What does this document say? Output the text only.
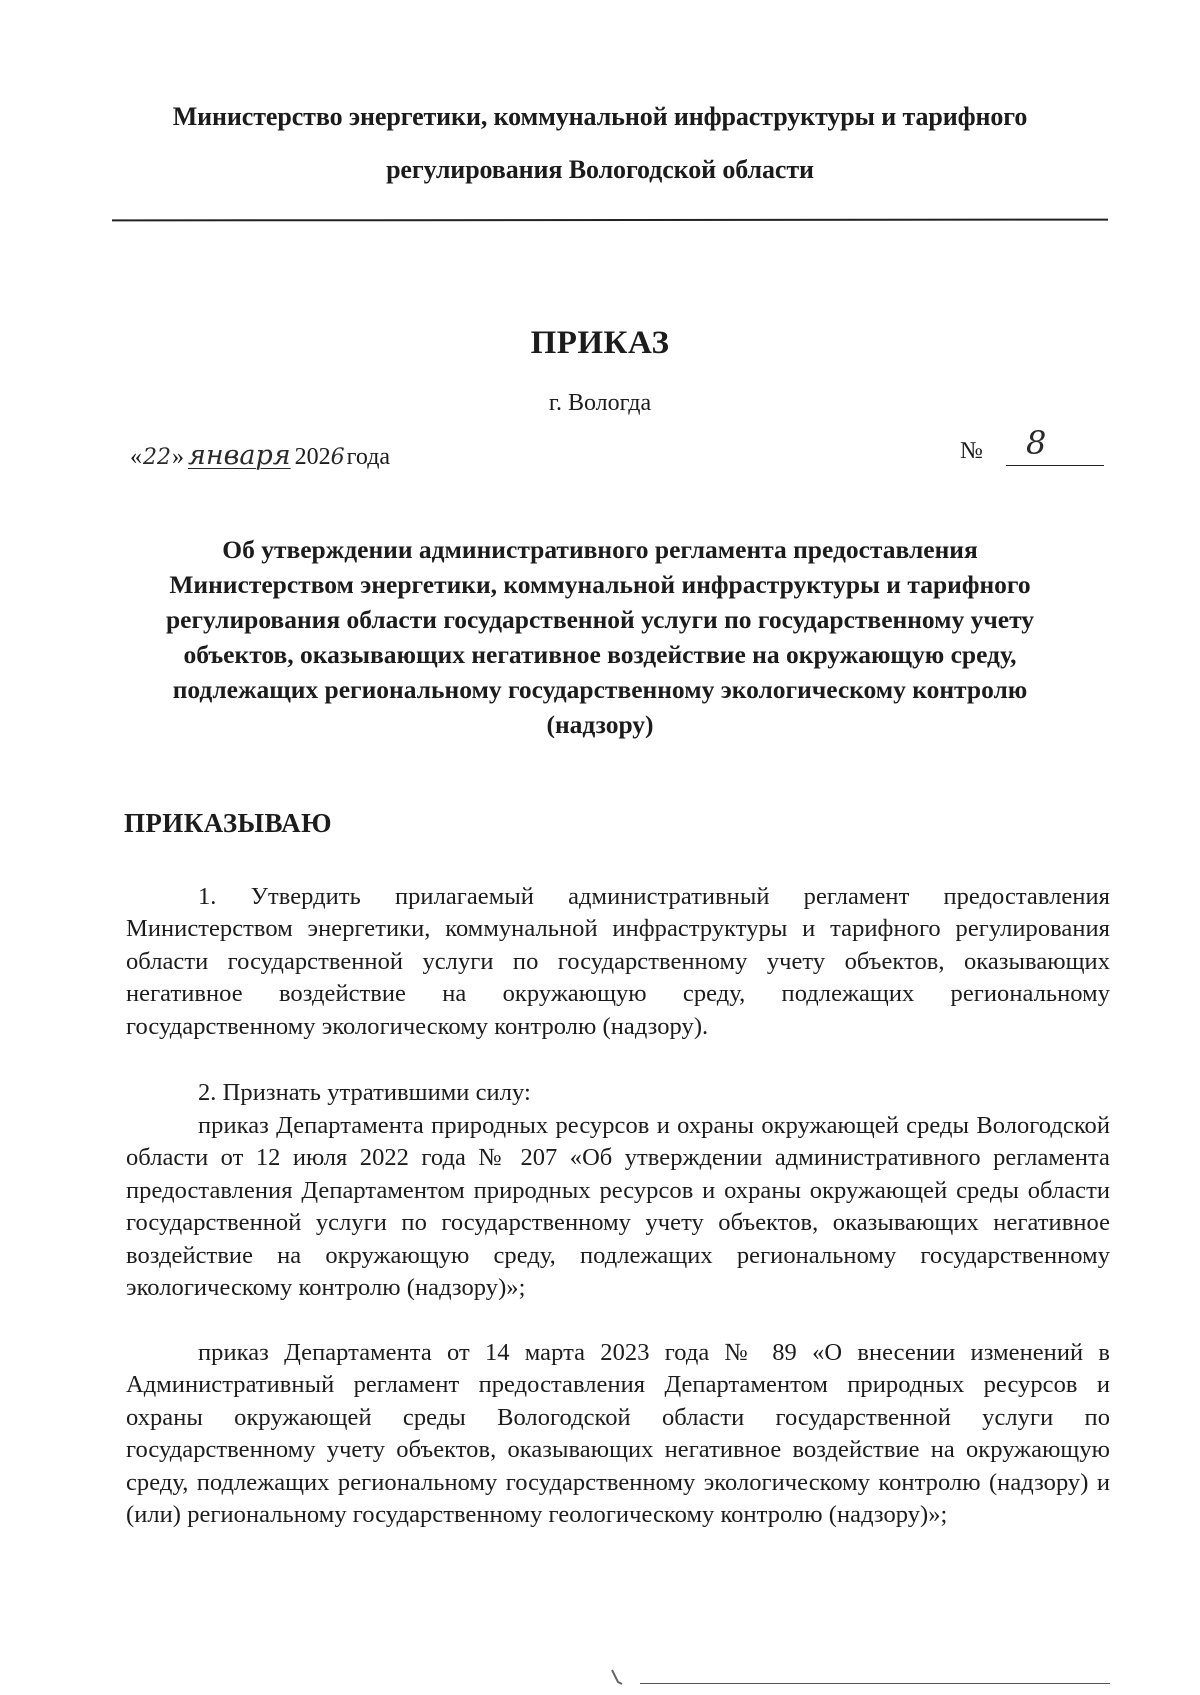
Министерство энергетики, коммунальной инфраструктуры и тарифного
регулирования Вологодской области
ПРИКАЗ
г. Вологда
« 22 » января 202 6 года	№ 8
Об утверждении административного регламента предоставления
Министерством энергетики, коммунальной инфраструктуры и тарифного
регулирования области государственной услуги по государственному учету
объектов, оказывающих негативное воздействие на окружающую среду,
подлежащих региональному государственному экологическому контролю
(надзору)
ПРИКАЗЫВАЮ

1. Утвердить прилагаемый административный регламент предоставления Министерством энергетики, коммунальной инфраструктуры и тарифного регулирования области государственной услуги по государственному учету объектов, оказывающих негативное воздействие на окружающую среду, подлежащих региональному государственному экологическому контролю (надзору).

2. Признать утратившими силу:

приказ Департамента природных ресурсов и охраны окружающей среды Вологодской области от 12 июля 2022 года № 207 «Об утверждении административного регламента предоставления Департаментом природных ресурсов и охраны окружающей среды области государственной услуги по государственному учету объектов, оказывающих негативное воздействие на окружающую среду, подлежащих региональному государственному экологическому контролю (надзору)»;

приказ Департамента от 14 марта 2023 года № 89 «О внесении изменений в Административный регламент предоставления Департаментом природных ресурсов и охраны окружающей среды Вологодской области государственной услуги по государственному учету объектов, оказывающих негативное воздействие на окружающую среду, подлежащих региональному государственному экологическому контролю (надзору) и (или) региональному государственному геологическому контролю (надзору)»;
